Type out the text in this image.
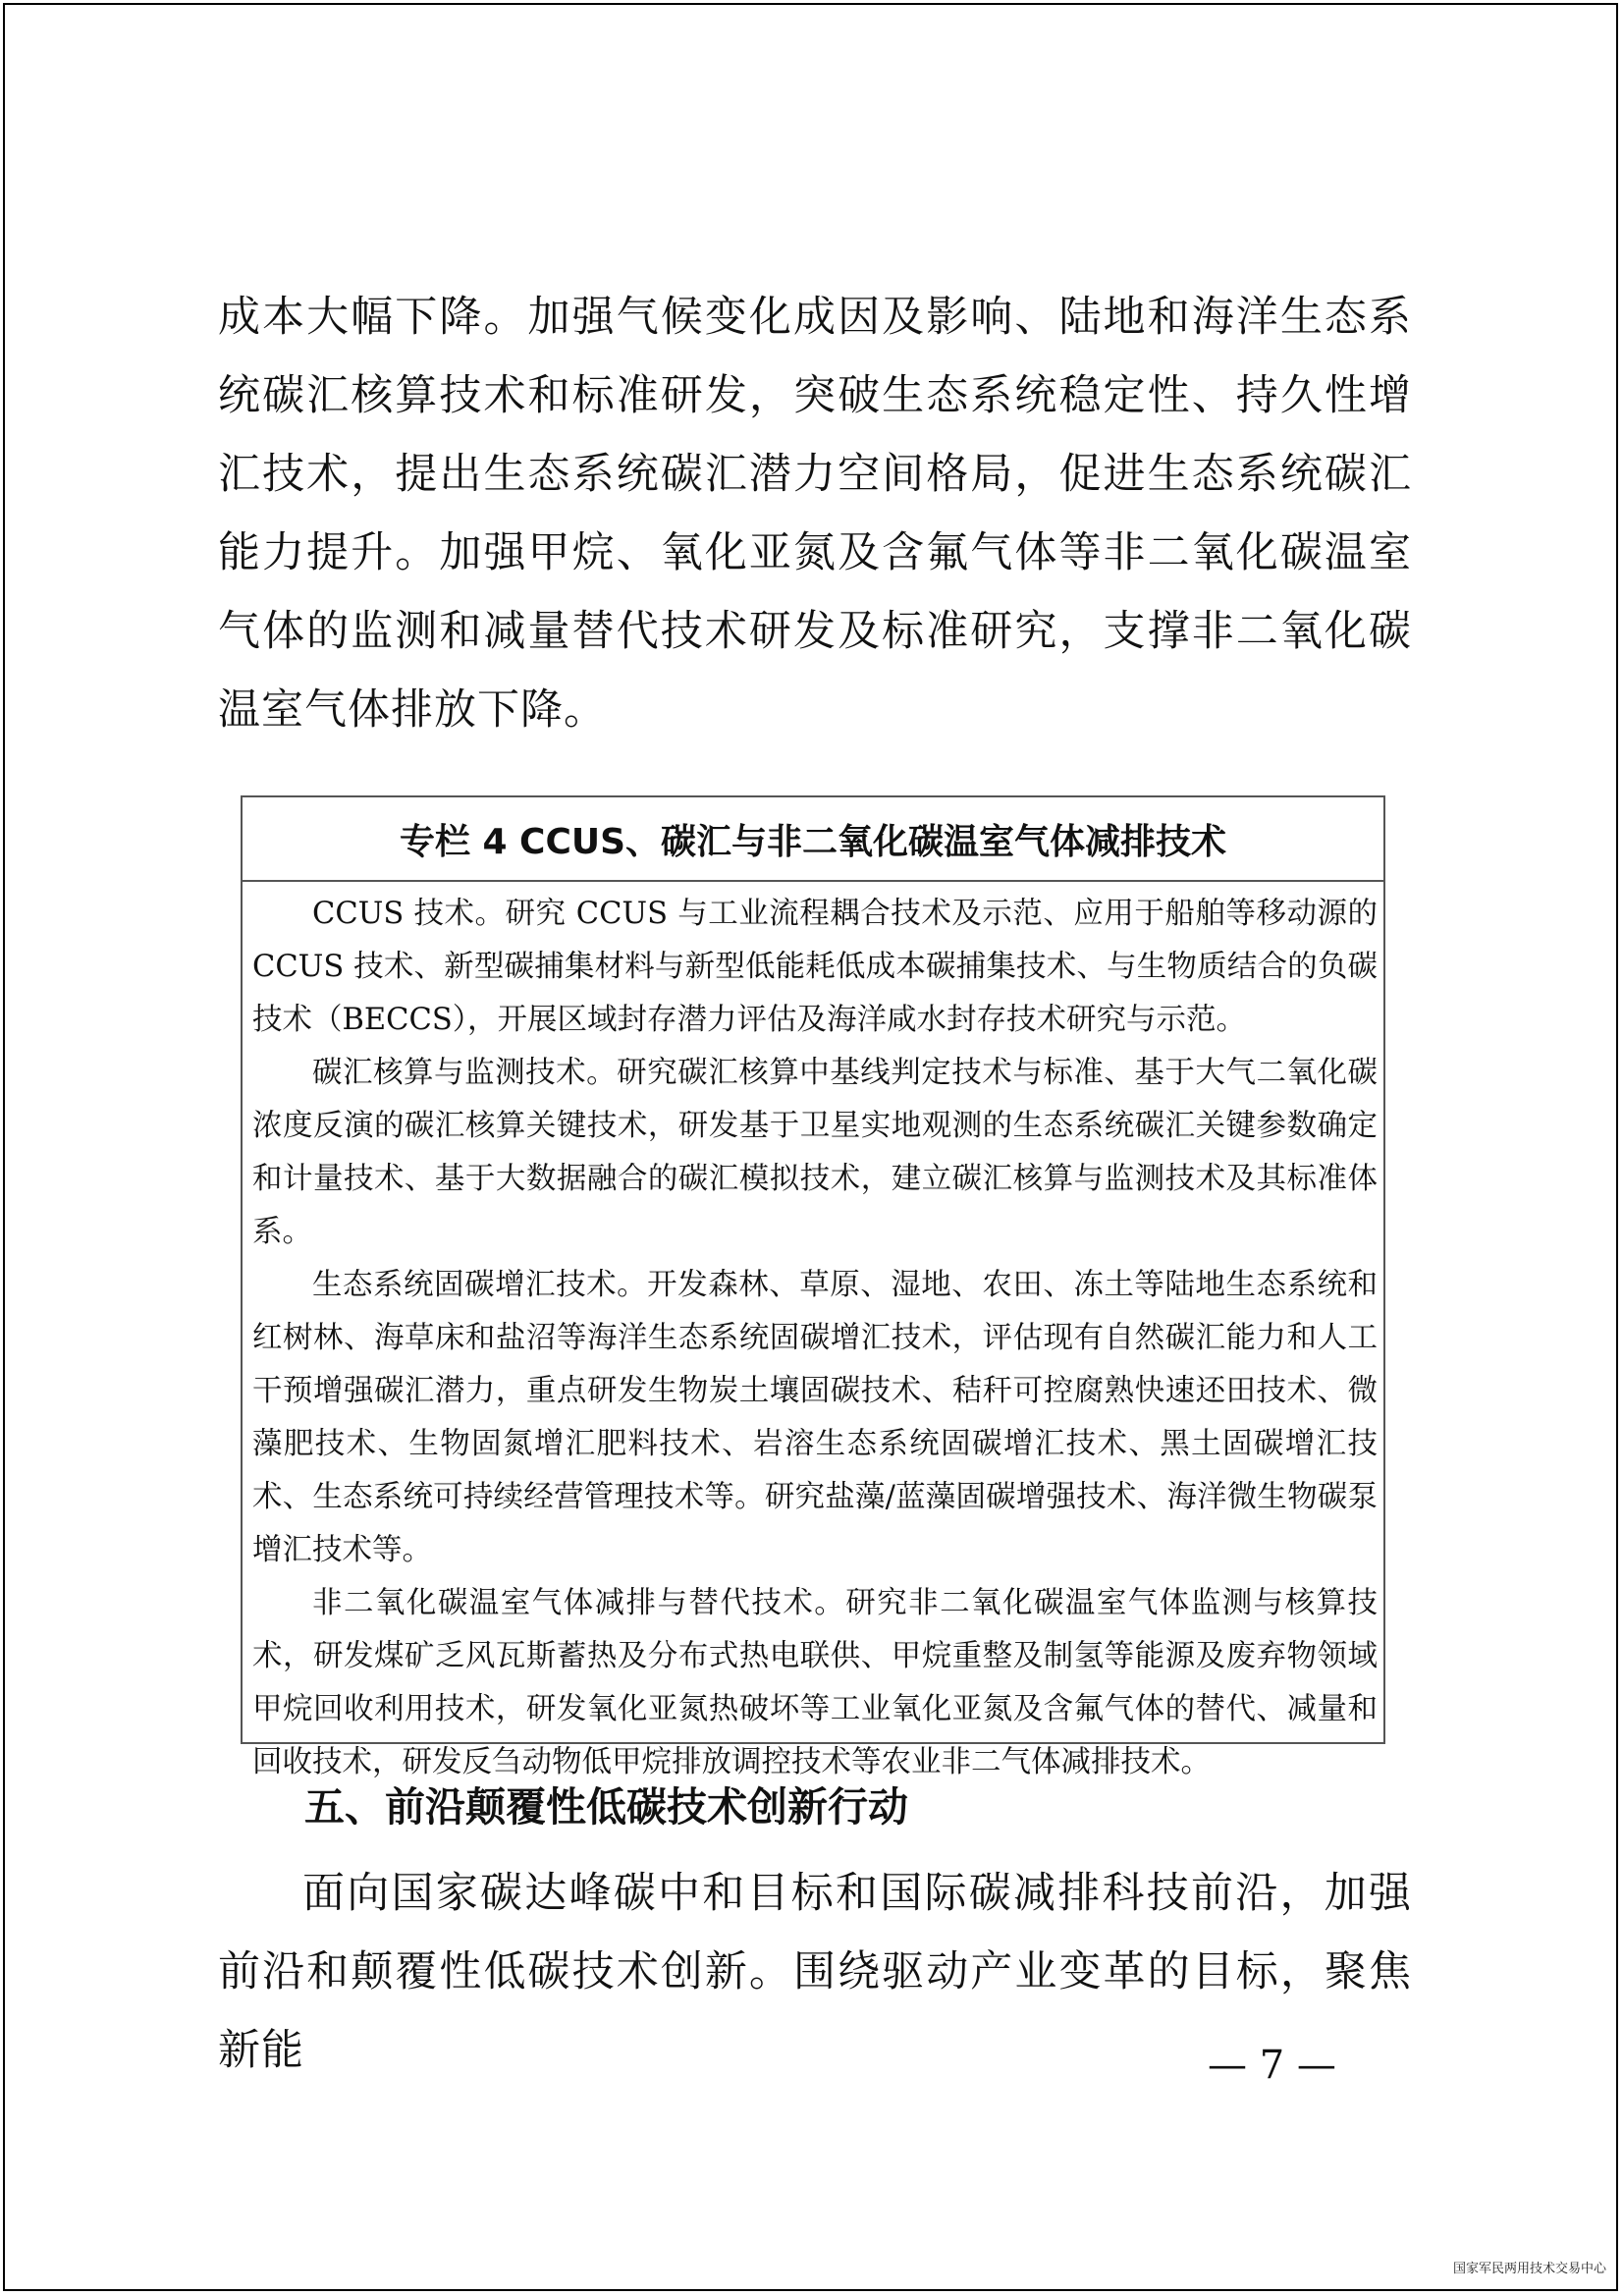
成本大幅下降。加强气候变化成因及影响、陆地和海洋生态系统碳汇核算技术和标准研发，突破生态系统稳定性、持久性增汇技术，提出生态系统碳汇潜力空间格局，促进生态系统碳汇能力提升。加强甲烷、氧化亚氮及含氟气体等非二氧化碳温室气体的监测和减量替代技术研发及标准研究，支撑非二氧化碳温室气体排放下降。

专栏 4 CCUS、碳汇与非二氧化碳温室气体减排技术

CCUS 技术。研究 CCUS 与工业流程耦合技术及示范、应用于船舶等移动源的 CCUS 技术、新型碳捕集材料与新型低能耗低成本碳捕集技术、与生物质结合的负碳技术（BECCS），开展区域封存潜力评估及海洋咸水封存技术研究与示范。

碳汇核算与监测技术。研究碳汇核算中基线判定技术与标准、基于大气二氧化碳浓度反演的碳汇核算关键技术，研发基于卫星实地观测的生态系统碳汇关键参数确定和计量技术、基于大数据融合的碳汇模拟技术，建立碳汇核算与监测技术及其标准体系。

生态系统固碳增汇技术。开发森林、草原、湿地、农田、冻土等陆地生态系统和红树林、海草床和盐沼等海洋生态系统固碳增汇技术，评估现有自然碳汇能力和人工干预增强碳汇潜力，重点研发生物炭土壤固碳技术、秸秆可控腐熟快速还田技术、微藻肥技术、生物固氮增汇肥料技术、岩溶生态系统固碳增汇技术、黑土固碳增汇技术、生态系统可持续经营管理技术等。研究盐藻/蓝藻固碳增强技术、海洋微生物碳泵增汇技术等。

非二氧化碳温室气体减排与替代技术。研究非二氧化碳温室气体监测与核算技术，研发煤矿乏风瓦斯蓄热及分布式热电联供、甲烷重整及制氢等能源及废弃物领域甲烷回收利用技术，研发氧化亚氮热破坏等工业氧化亚氮及含氟气体的替代、减量和回收技术，研发反刍动物低甲烷排放调控技术等农业非二气体减排技术。

五、前沿颠覆性低碳技术创新行动

面向国家碳达峰碳中和目标和国际碳减排科技前沿，加强前沿和颠覆性低碳技术创新。围绕驱动产业变革的目标，聚焦新能	— 7 —
国家军民两用技术交易中心
